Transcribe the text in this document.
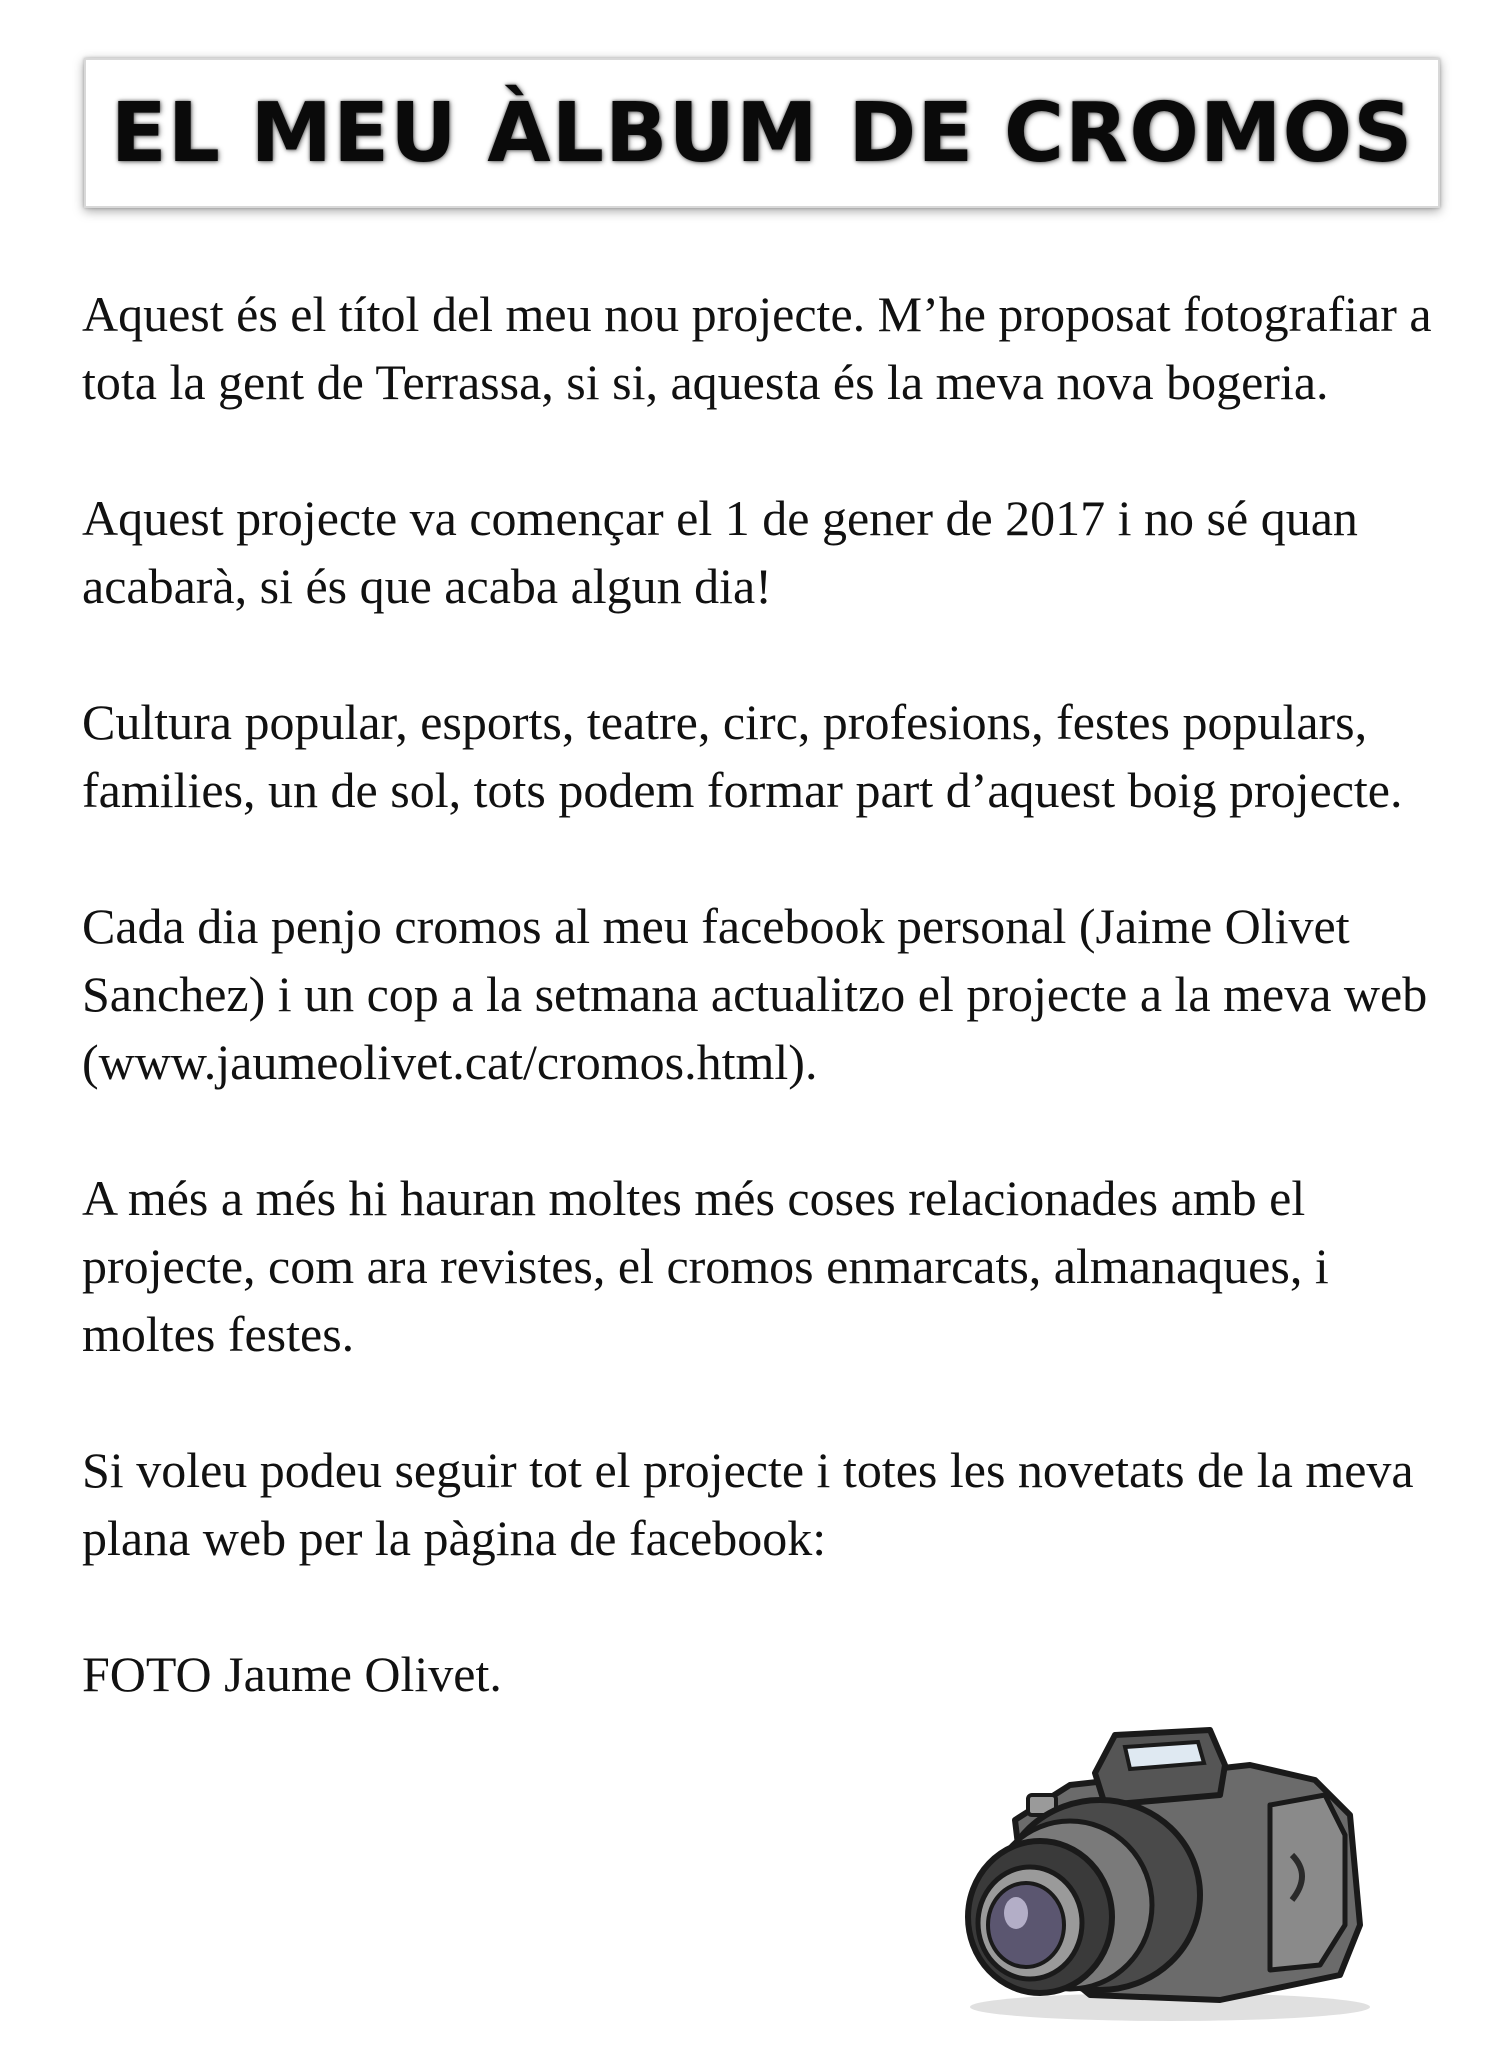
EL MEU ÀLBUM DE CROMOS

Aquest és el títol del meu nou projecte. M’he proposat fotografiar a tota la gent de Terrassa, si si, aquesta és la meva nova bogeria.

Aquest projecte va començar el 1 de gener de 2017 i no sé quan acabarà, si és que acaba algun dia!

Cultura popular, esports, teatre, circ, profesions, festes populars, families, un de sol, tots podem formar part d’aquest boig projecte.

Cada dia penjo cromos al meu facebook personal (Jaime Olivet Sanchez) i un cop a la setmana actualitzo el projecte a la meva web (www.jaumeolivet.cat/cromos.html).

A més a més hi hauran moltes més coses relacionades amb el projecte, com ara revistes, el cromos enmarcats, almanaques, i moltes festes.

Si voleu podeu seguir tot el projecte i totes les novetats de la meva plana web per la pàgina de facebook:

FOTO Jaume Olivet.
